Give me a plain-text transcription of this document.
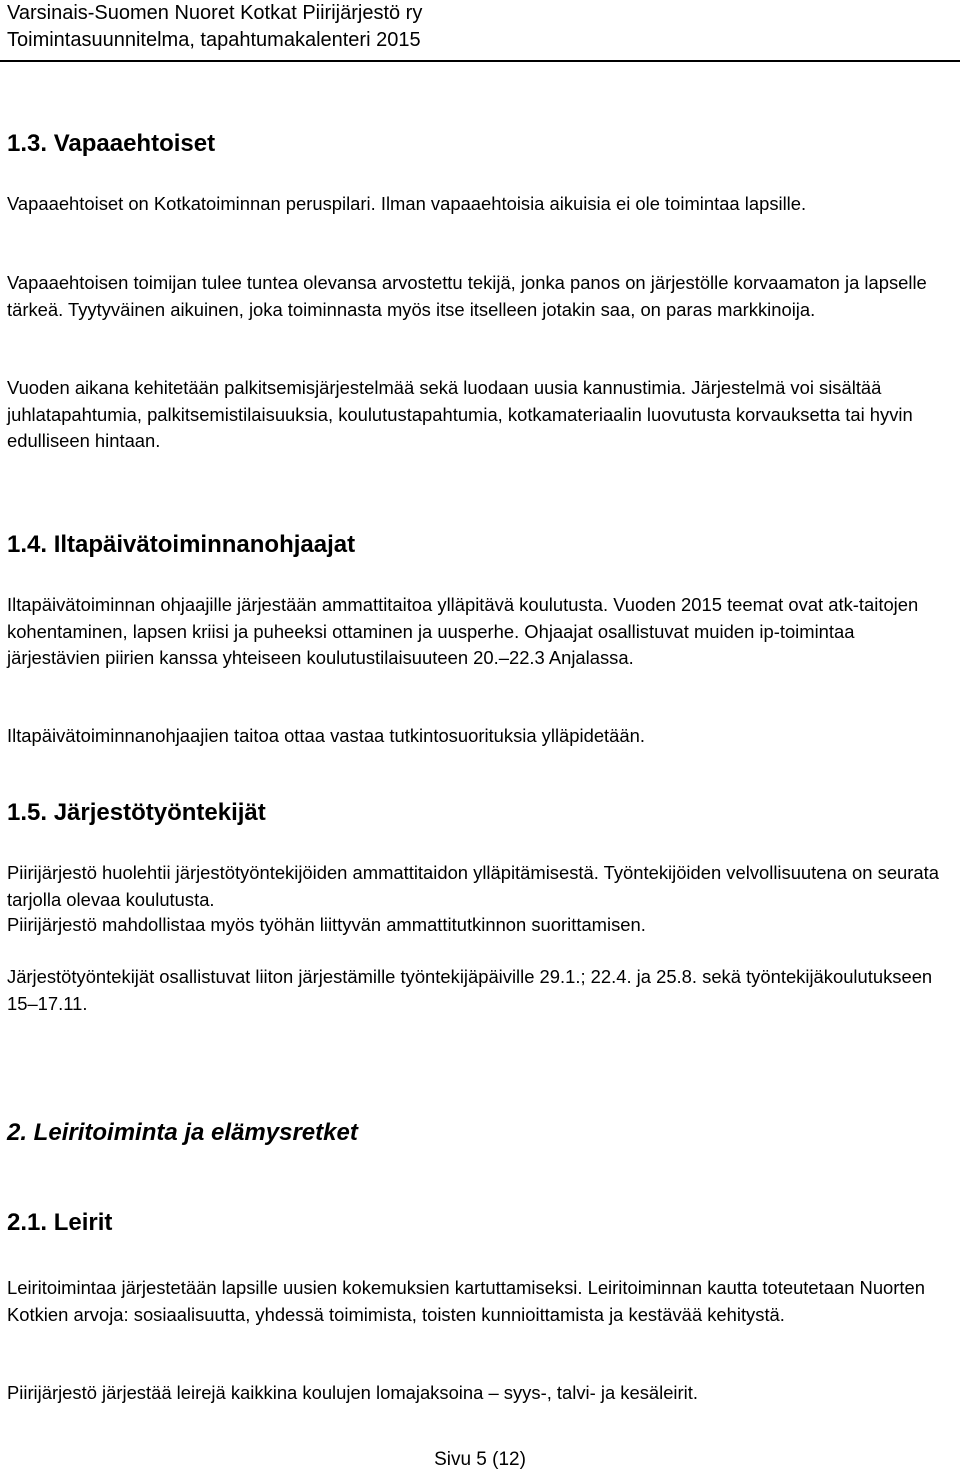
Varsinais-Suomen Nuoret Kotkat Piirijärjestö ry
Toimintasuunnitelma, tapahtumakalenteri 2015
1.3. Vapaaehtoiset
Vapaaehtoiset on Kotkatoiminnan peruspilari. Ilman vapaaehtoisia aikuisia ei ole toimintaa lapsille.
Vapaaehtoisen toimijan tulee tuntea olevansa arvostettu tekijä, jonka panos on järjestölle korvaamaton ja lapselle tärkeä. Tyytyväinen aikuinen, joka toiminnasta myös itse itselleen jotakin saa, on paras markkinoija.
Vuoden aikana kehitetään palkitsemisjärjestelmää sekä luodaan uusia kannustimia. Järjestelmä voi sisältää juhlatapahtumia, palkitsemistilaisuuksia, koulutustapahtumia, kotkamateriaalin luovutusta korvauksetta tai hyvin edulliseen hintaan.
1.4. Iltapäivätoiminnanohjaajat
Iltapäivätoiminnan ohjaajille järjestään ammattitaitoa ylläpitävä koulutusta. Vuoden 2015 teemat ovat atk-taitojen kohentaminen, lapsen kriisi ja puheeksi ottaminen ja uusperhe. Ohjaajat osallistuvat muiden ip-toimintaa järjestävien piirien kanssa yhteiseen koulutustilaisuuteen 20.–22.3 Anjalassa.
Iltapäivätoiminnanohjaajien taitoa ottaa vastaa tutkintosuorituksia ylläpidetään.
1.5. Järjestötyöntekijät
Piirijärjestö huolehtii järjestötyöntekijöiden ammattitaidon ylläpitämisestä. Työntekijöiden velvollisuutena on seurata tarjolla olevaa koulutusta.
Piirijärjestö mahdollistaa myös työhän liittyvän ammattitutkinnon suorittamisen.
Järjestötyöntekijät osallistuvat liiton järjestämille työntekijäpäiville 29.1.; 22.4. ja 25.8. sekä työntekijäkoulutukseen 15–17.11.
2. Leiritoiminta ja elämysretket
2.1. Leirit
Leiritoimintaa järjestetään lapsille uusien kokemuksien kartuttamiseksi. Leiritoiminnan kautta toteutetaan Nuorten Kotkien arvoja: sosiaalisuutta, yhdessä toimimista, toisten kunnioittamista ja kestävää kehitystä.
Piirijärjestö järjestää leirejä kaikkina koulujen lomajaksoina – syys-, talvi- ja kesäleirit.
Sivu 5 (12)
